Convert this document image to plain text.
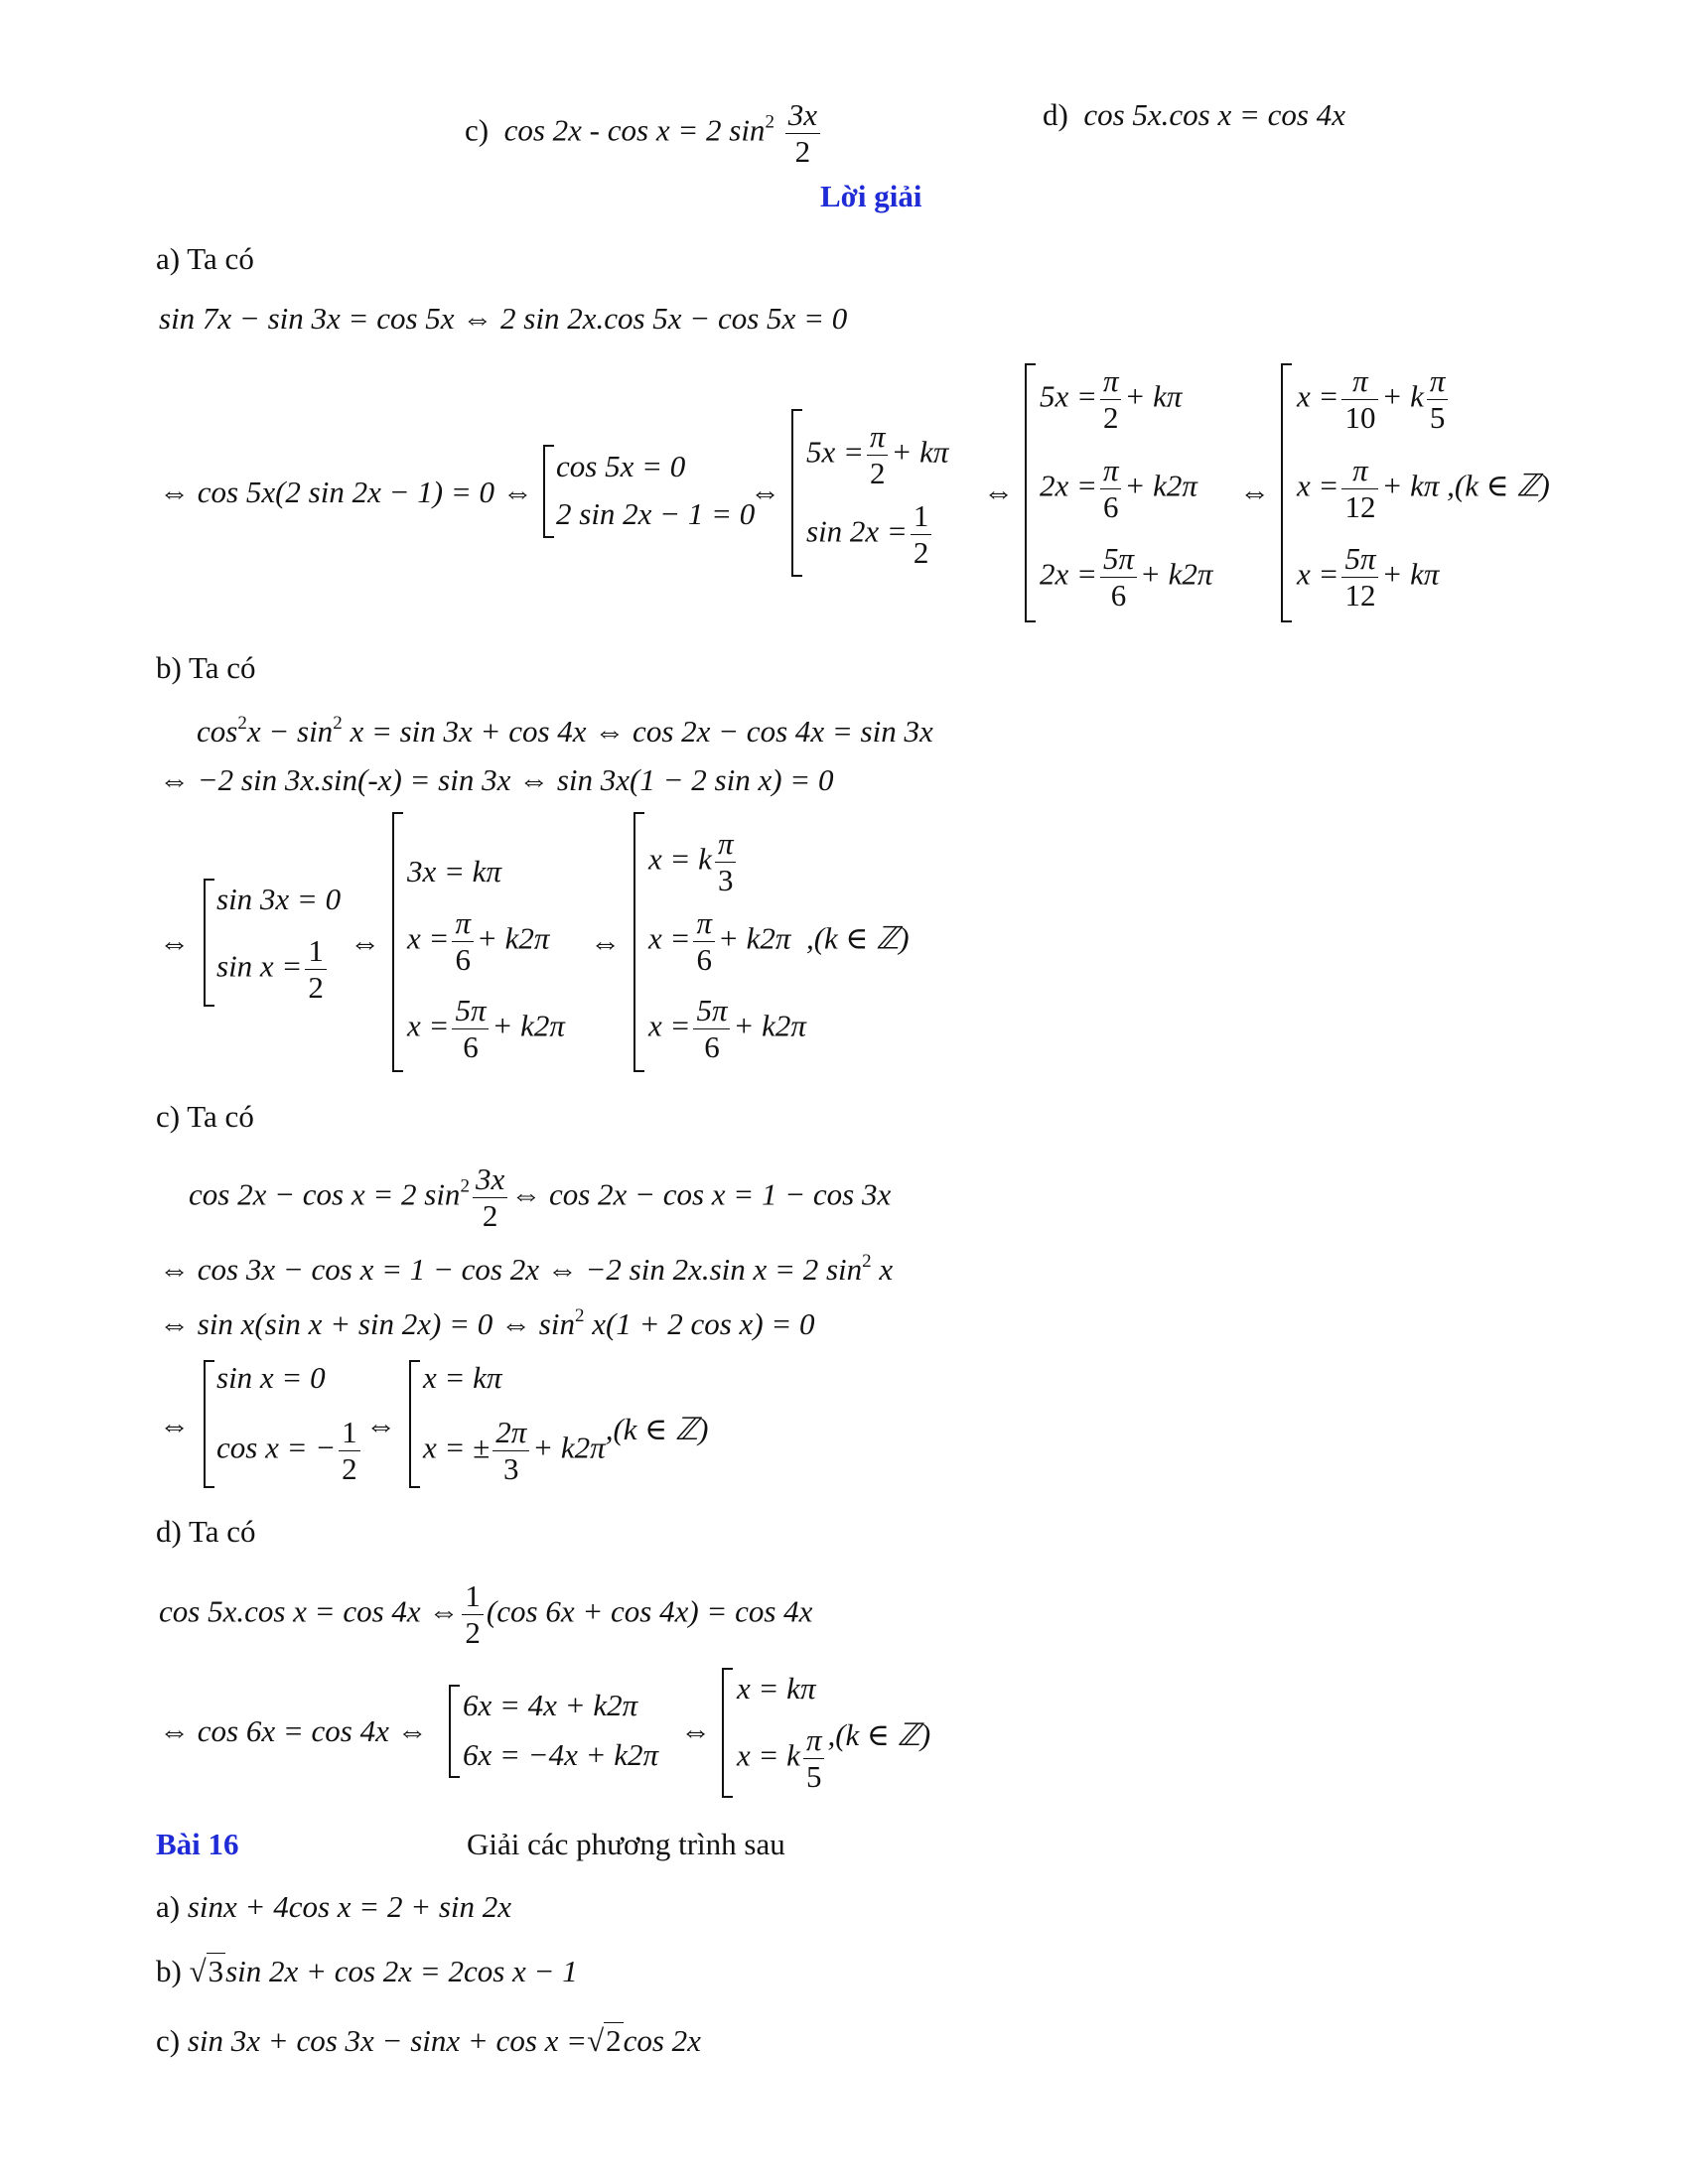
c) cos 2x - cos x = 2 $\sin^2 \frac{3x}{2}$	d) cos 5x.cos x = cos 4x
Lời giải
a) Ta có
sin 7x − sin 3x = cos 5x ⇔ 2 sin 2x.cos 5x − cos 5x = 0
⇔ cos 5x(2 sin 2x − 1) = 0 ⇔
cos 5x = 0
2 sin 2x − 1 = 0
⇔
$5x = \frac{\pi}{2} + k\pi$
$\sin 2x = \frac{1}{2}$
⇔
$5x = \frac{\pi}{2} + k\pi$
$2x = \frac{\pi}{6} + k2\pi$
$2x = \frac{5\pi}{6} + k2\pi$
⇔
$x = \frac{\pi}{10} + k \frac{\pi}{5}$
$x = \frac{\pi}{12} + k\pi$ ,(k ∈ ℤ)
$x = \frac{5\pi}{12} + k\pi$
b) Ta có
$\cos^2x - \sin^2 x = \sin 3x + \cos 4x$ ⇔ cos 2x − cos 4x = sin 3x
⇔ −2 sin 3x.sin(-x) = sin 3x ⇔ sin 3x(1 − 2 sin x) = 0
⇔
sin 3x = 0
$\sin x = \frac{1}{2}$ ⇔
3x = kπ
$x = \frac{\pi}{6} + k2\pi$
$x = \frac{5\pi}{6} + k2\pi$
⇔
x = k $\frac{\pi}{3}$
$x = \frac{\pi}{6} + k2\pi$ ,(k ∈ ℤ)
$x = \frac{5\pi}{6} + k2\pi$
c) Ta có
cos 2x − cos x = 2 $\sin^2 \frac{3x}{2}$ ⇔ cos 2x − cos x = 1 − cos 3x
⇔ cos 3x − cos x = 1 − cos 2x ⇔ −2 sin 2x.sin x = 2 $\sin^2 x$
⇔ sin x(sin x + sin 2x) = 0 ⇔ $\sin^2 x(1 + 2$ cos x) = 0
⇔
sin x = 0
cos x = − $\frac{1}{2}$ ⇔
x = kπ
x = ± $\frac{2\pi}{3} + k2\pi,(k$ ∈ ℤ)
d) Ta có
cos 5x.cos x = cos 4x ⇔ $\frac{1}{2} (\cos$ 6x + cos 4x) = cos 4x
⇔ cos 6x = cos 4x ⇔
6x = 4x + k2π
6x = −4x + k2π
⇔
x = kπ
x = k $\frac{\pi}{5} ,(k$ ∈ ℤ)
Bài 16	Giải các phương trình sau
a) sinx + 4cos x = 2 + sin 2x
b) √3sin 2x + cos 2x = 2cos x − 1
c) sin 3x + cos 3x − sinx + cos x =√2cos 2x
